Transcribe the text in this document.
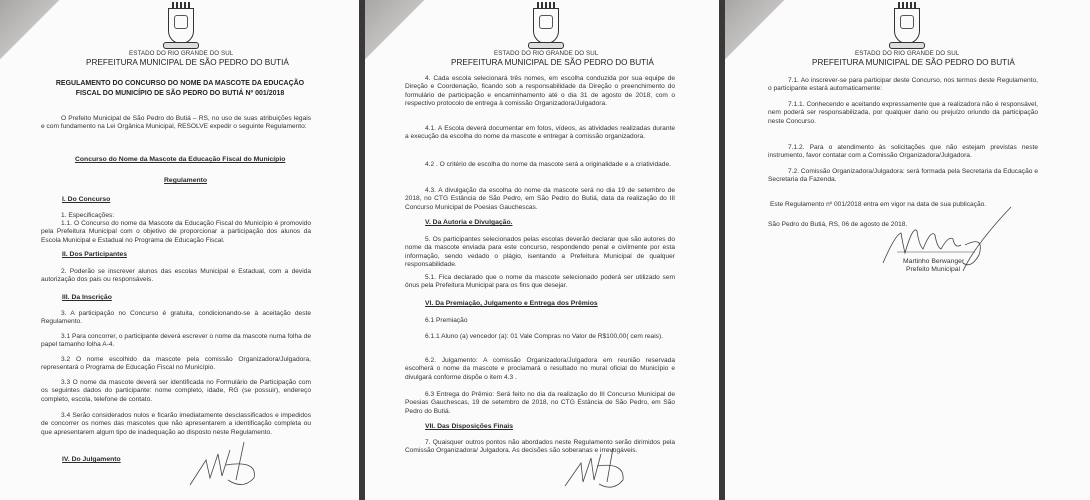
ESTADO DO RIO GRANDE DO SUL
PREFEITURA MUNICIPAL DE SÃO PEDRO DO BUTIÁ
REGULAMENTO DO CONCURSO DO NOME DA MASCOTE DA EDUCAÇÃO
FISCAL DO MUNICÍPIO DE SÃO PEDRO DO BUTIÁ Nº 001/2018
O Prefeito Municipal de São Pedro do Butiá – RS, no uso de suas atribuições legais e com fundamento na Lei Orgânica Municipal, RESOLVE expedir o seguinte Regulamento:
Concurso do Nome da Mascote da Educação Fiscal do Município
Regulamento
I. Do Concurso
1. Especificações:
1.1. O Concurso do nome da Mascote da Educação Fiscal do Município é promovido pela Prefeitura Municipal com o objetivo de proporcionar a participação dos alunos da Escola Municipal e Estadual no Programa de Educação Fiscal.
II. Dos Participantes
2. Poderão se inscrever alunos das escolas Municipal e Estadual, com a devida autorização dos pais ou responsáveis.
III. Da Inscrição
3. A participação no Concurso é gratuita, condicionando-se à aceitação deste Regulamento.
3.1 Para concorrer, o participante deverá escrever o nome da mascote numa folha de papel tamanho folha A-4.
3.2 O nome escolhido da mascote pela comissão Organizadora/Julgadora, representará o Programa de Educação Fiscal no Município.
3.3 O nome da mascote deverá ser identificada no Formulário de Participação com os seguintes dados do participante: nome completo, idade, RG (se possuir), endereço completo, escola, telefone de contato.
3.4 Serão considerados nulos e ficarão imediatamente desclassificados e impedidos de concorrer os nomes das mascotes que não apresentarem a identificação completa ou que apresentarem algum tipo de inadequação ao disposto neste Regulamento.
IV. Do Julgamento
ESTADO DO RIO GRANDE DO SUL
PREFEITURA MUNICIPAL DE SÃO PEDRO DO BUTIÁ
4. Cada escola selecionará três nomes, em escolha conduzida por sua equipe de Direção e Coordenação, ficando sob a responsabilidade da Direção o preenchimento do formulário de participação e encaminhamento até o dia 31 de agosto de 2018, com o respectivo protocolo de entrega à comissão Organizadora/Julgadora.
4.1. A Escola deverá documentar em fotos, vídeos, as atividades realizadas durante a execução da escolha do nome da mascote e entregar à comissão organizadora.
4.2 . O critério de escolha do nome da mascote será a originalidade e a criatividade.
4.3. A divulgação da escolha do nome da mascote será no dia 19 de setembro de 2018, no CTG Estância de São Pedro, em São Pedro do Butiá, data da realização do III Concurso Municipal de Poesias Gauchescas.
V. Da Autoria e Divulgação.
5. Os participantes selecionados pelas escolas deverão declarar que são autores do nome da mascote enviada para este concurso, respondendo penal e civilmente por esta informação, sendo vedado o plágio, isentando a Prefeitura Municipal de qualquer responsabilidade.
5.1. Fica declarado que o nome da mascote selecionado poderá ser utilizado sem ônus pela Prefeitura Municipal para os fins que desejar.
VI. Da Premiação, Julgamento e Entrega dos Prêmios
6.1 Premiação
6.1.1 Aluno (a) vencedor (a): 01 Vale Compras no Valor de R$100,00( cem reais).
6.2. Julgamento: A comissão Organizadora/Julgadora em reunião reservada escolherá o nome da mascote e proclamará o resultado no mural oficial do Município e divulgará conforme dispõe o item 4.3 .
6.3 Entrega do Prêmio: Será feito no dia da realização do III Concurso Municipal de Poesias Gauchescas, 19 de setembro de 2018, no CTG Estância de São Pedro, em São Pedro do Butiá.
VII. Das Disposições Finais
7. Quaisquer outros pontos não abordados neste Regulamento serão dirimidos pela Comissão Organizadora/ Julgadora. As decisões são soberanas e irrevogáveis.
ESTADO DO RIO GRANDE DO SUL
PREFEITURA MUNICIPAL DE SÃO PEDRO DO BUTIÁ
7.1. Ao inscrever-se para participar deste Concurso, nos termos deste Regulamento, o participante estará automaticamente:
7.1.1. Conhecendo e aceitando expressamente que a realizadora não é responsável, nem poderá ser responsabilizada, por qualquer dano ou prejuízo oriundo da participação neste Concurso.
7.1.2. Para o atendimento às solicitações que não estejam previstas neste instrumento, favor contatar com a Comissão Organizadora/Julgadora.
7.2. Comissão Organizadora/Julgadora: será formada pela Secretaria da Educação e Secretaria da Fazenda.
Este Regulamento nº 001/2018 entra em vigor na data de sua publicação.
São Pedro do Butiá, RS, 06 de agosto de 2018.
Martinho Berwanger
Prefeito Municipal
